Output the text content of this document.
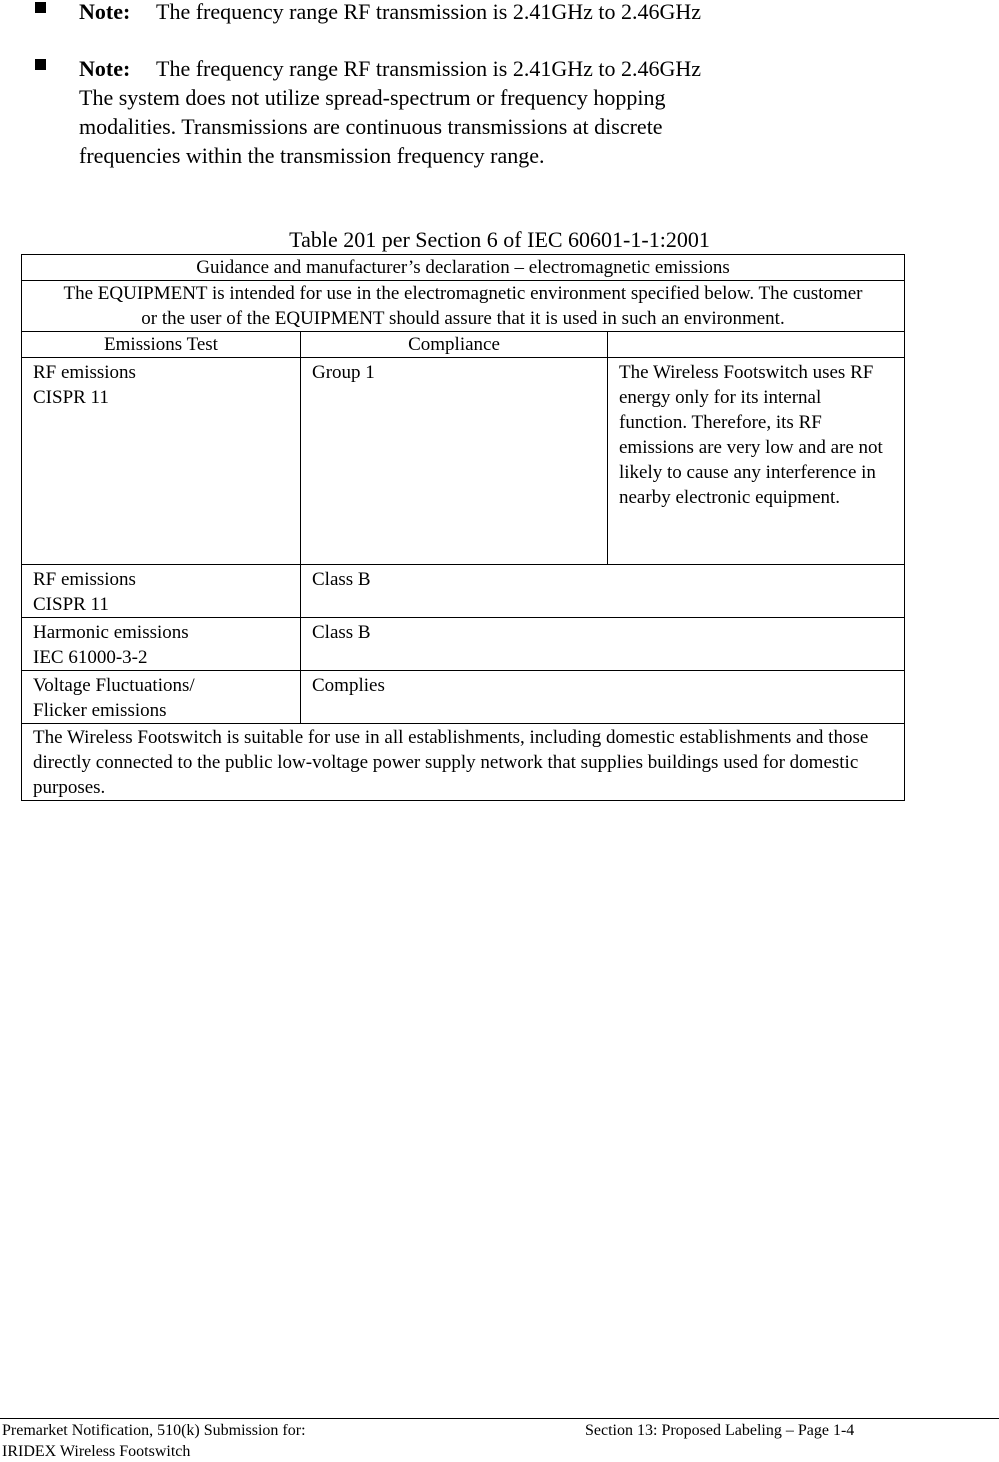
Note: The frequency range RF transmission is 2.41GHz to 2.46GHz
Note: The frequency range RF transmission is 2.41GHz to 2.46GHz
The system does not utilize spread-spectrum or frequency hopping
modalities. Transmissions are continuous transmissions at discrete
frequencies within the transmission frequency range.
Table 201 per Section 6 of IEC 60601-1-1:2001
Guidance and manufacturer’s declaration – electromagnetic emissions		
The EQUIPMENT is intended for use in the electromagnetic environment specified below. The customer or the user of the EQUIPMENT should assure that it is used in such an environment.		
Emissions Test	Compliance	

RF emissions
CISPR 11	Group 1	The Wireless Footswitch uses RF energy only for its internal function. Therefore, its RF emissions are very low and are not likely to cause any interference in nearby electronic equipment.

RF emissions
CISPR 11	Class B	

Harmonic emissions
IEC 61000-3-2	Class B	

Voltage Fluctuations/
Flicker emissions	Complies	
The Wireless Footswitch is suitable for use in all establishments, including domestic establishments and those directly connected to the public low-voltage power supply network that supplies buildings used for domestic purposes.		
Premarket Notification, 510(k) Submission for:
IRIDEX Wireless Footswitch
Section 13: Proposed Labeling – Page 1-4
